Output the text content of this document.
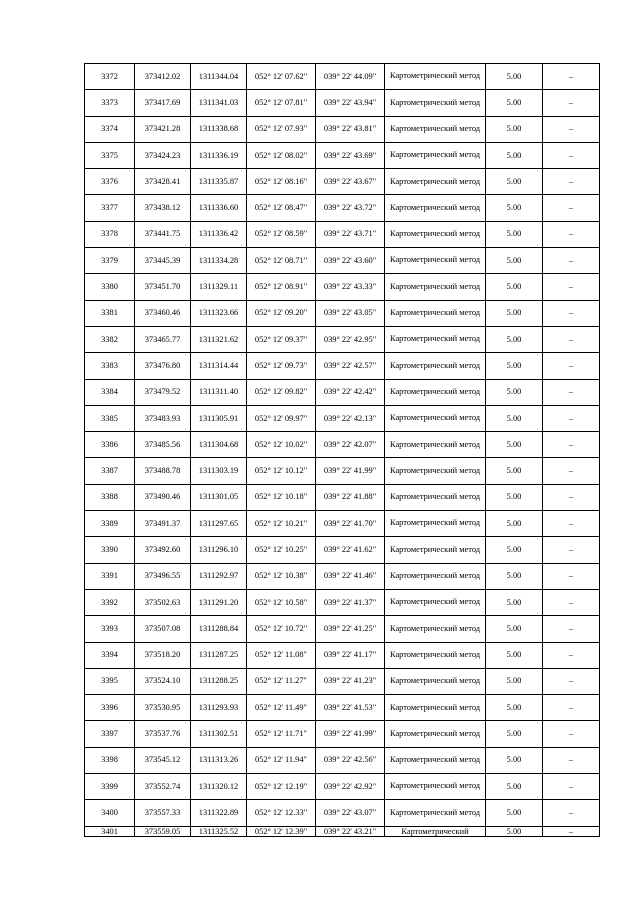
3372	373412.02	1311344.04	052° 12' 07.62"	039° 22' 44.09"	Картометрический метод	5.00	–
3373	373417.69	1311341.03	052° 12' 07.81"	039° 22' 43.94"	Картометрический метод	5.00	–
3374	373421.28	1311338.68	052° 12' 07.93"	039° 22' 43.81"	Картометрический метод	5.00	–
3375	373424.23	1311336.19	052° 12' 08.02"	039° 22' 43.69"	Картометрический метод	5.00	–
3376	373428.41	1311335.87	052° 12' 08.16"	039° 22' 43.67"	Картометрический метод	5.00	–
3377	373438.12	1311336.60	052° 12' 08.47"	039° 22' 43.72"	Картометрический метод	5.00	–
3378	373441.75	1311336.42	052° 12' 08.59"	039° 22' 43.71"	Картометрический метод	5.00	–
3379	373445.39	1311334.28	052° 12' 08.71"	039° 22' 43.60"	Картометрический метод	5.00	–
3380	373451.70	1311329.11	052° 12' 08.91"	039° 22' 43.33"	Картометрический метод	5.00	–
3381	373460.46	1311323.66	052° 12' 09.20"	039° 22' 43.05"	Картометрический метод	5.00	–
3382	373465.77	1311321.62	052° 12' 09.37"	039° 22' 42.95"	Картометрический метод	5.00	–
3383	373476.80	1311314.44	052° 12' 09.73"	039° 22' 42.57"	Картометрический метод	5.00	–
3384	373479.52	1311311.40	052° 12' 09.82"	039° 22' 42.42"	Картометрический метод	5.00	–
3385	373483.93	1311305.91	052° 12' 09.97"	039° 22' 42.13"	Картометрический метод	5.00	–
3386	373485.56	1311304.68	052° 12' 10.02"	039° 22' 42.07"	Картометрический метод	5.00	–
3387	373488.78	1311303.19	052° 12' 10.12"	039° 22' 41.99"	Картометрический метод	5.00	–
3388	373490.46	1311301.05	052° 12' 10.18"	039° 22' 41.88"	Картометрический метод	5.00	–
3389	373491.37	1311297.65	052° 12' 10.21"	039° 22' 41.70"	Картометрический метод	5.00	–
3390	373492.60	1311296.10	052° 12' 10.25"	039° 22' 41.62"	Картометрический метод	5.00	–
3391	373496.55	1311292.97	052° 12' 10.38"	039° 22' 41.46"	Картометрический метод	5.00	–
3392	373502.63	1311291.20	052° 12' 10.58"	039° 22' 41.37"	Картометрический метод	5.00	–
3393	373507.08	1311288.84	052° 12' 10.72"	039° 22' 41.25"	Картометрический метод	5.00	–
3394	373518.20	1311287.25	052° 12' 11.08"	039° 22' 41.17"	Картометрический метод	5.00	–
3395	373524.10	1311288.25	052° 12' 11.27"	039° 22' 41.23"	Картометрический метод	5.00	–
3396	373530.95	1311293.93	052° 12' 11.49"	039° 22' 41.53"	Картометрический метод	5.00	–
3397	373537.76	1311302.51	052° 12' 11.71"	039° 22' 41.99"	Картометрический метод	5.00	–
3398	373545.12	1311313.26	052° 12' 11.94"	039° 22' 42.56"	Картометрический метод	5.00	–
3399	373552.74	1311320.12	052° 12' 12.19"	039° 22' 42.92"	Картометрический метод	5.00	–
3400	373557.33	1311322.89	052° 12' 12.33"	039° 22' 43.07"	Картометрический метод	5.00	–
3401	373559.05	1311325.52	052° 12' 12.39"	039° 22' 43.21"	Картометрический	5.00	–
